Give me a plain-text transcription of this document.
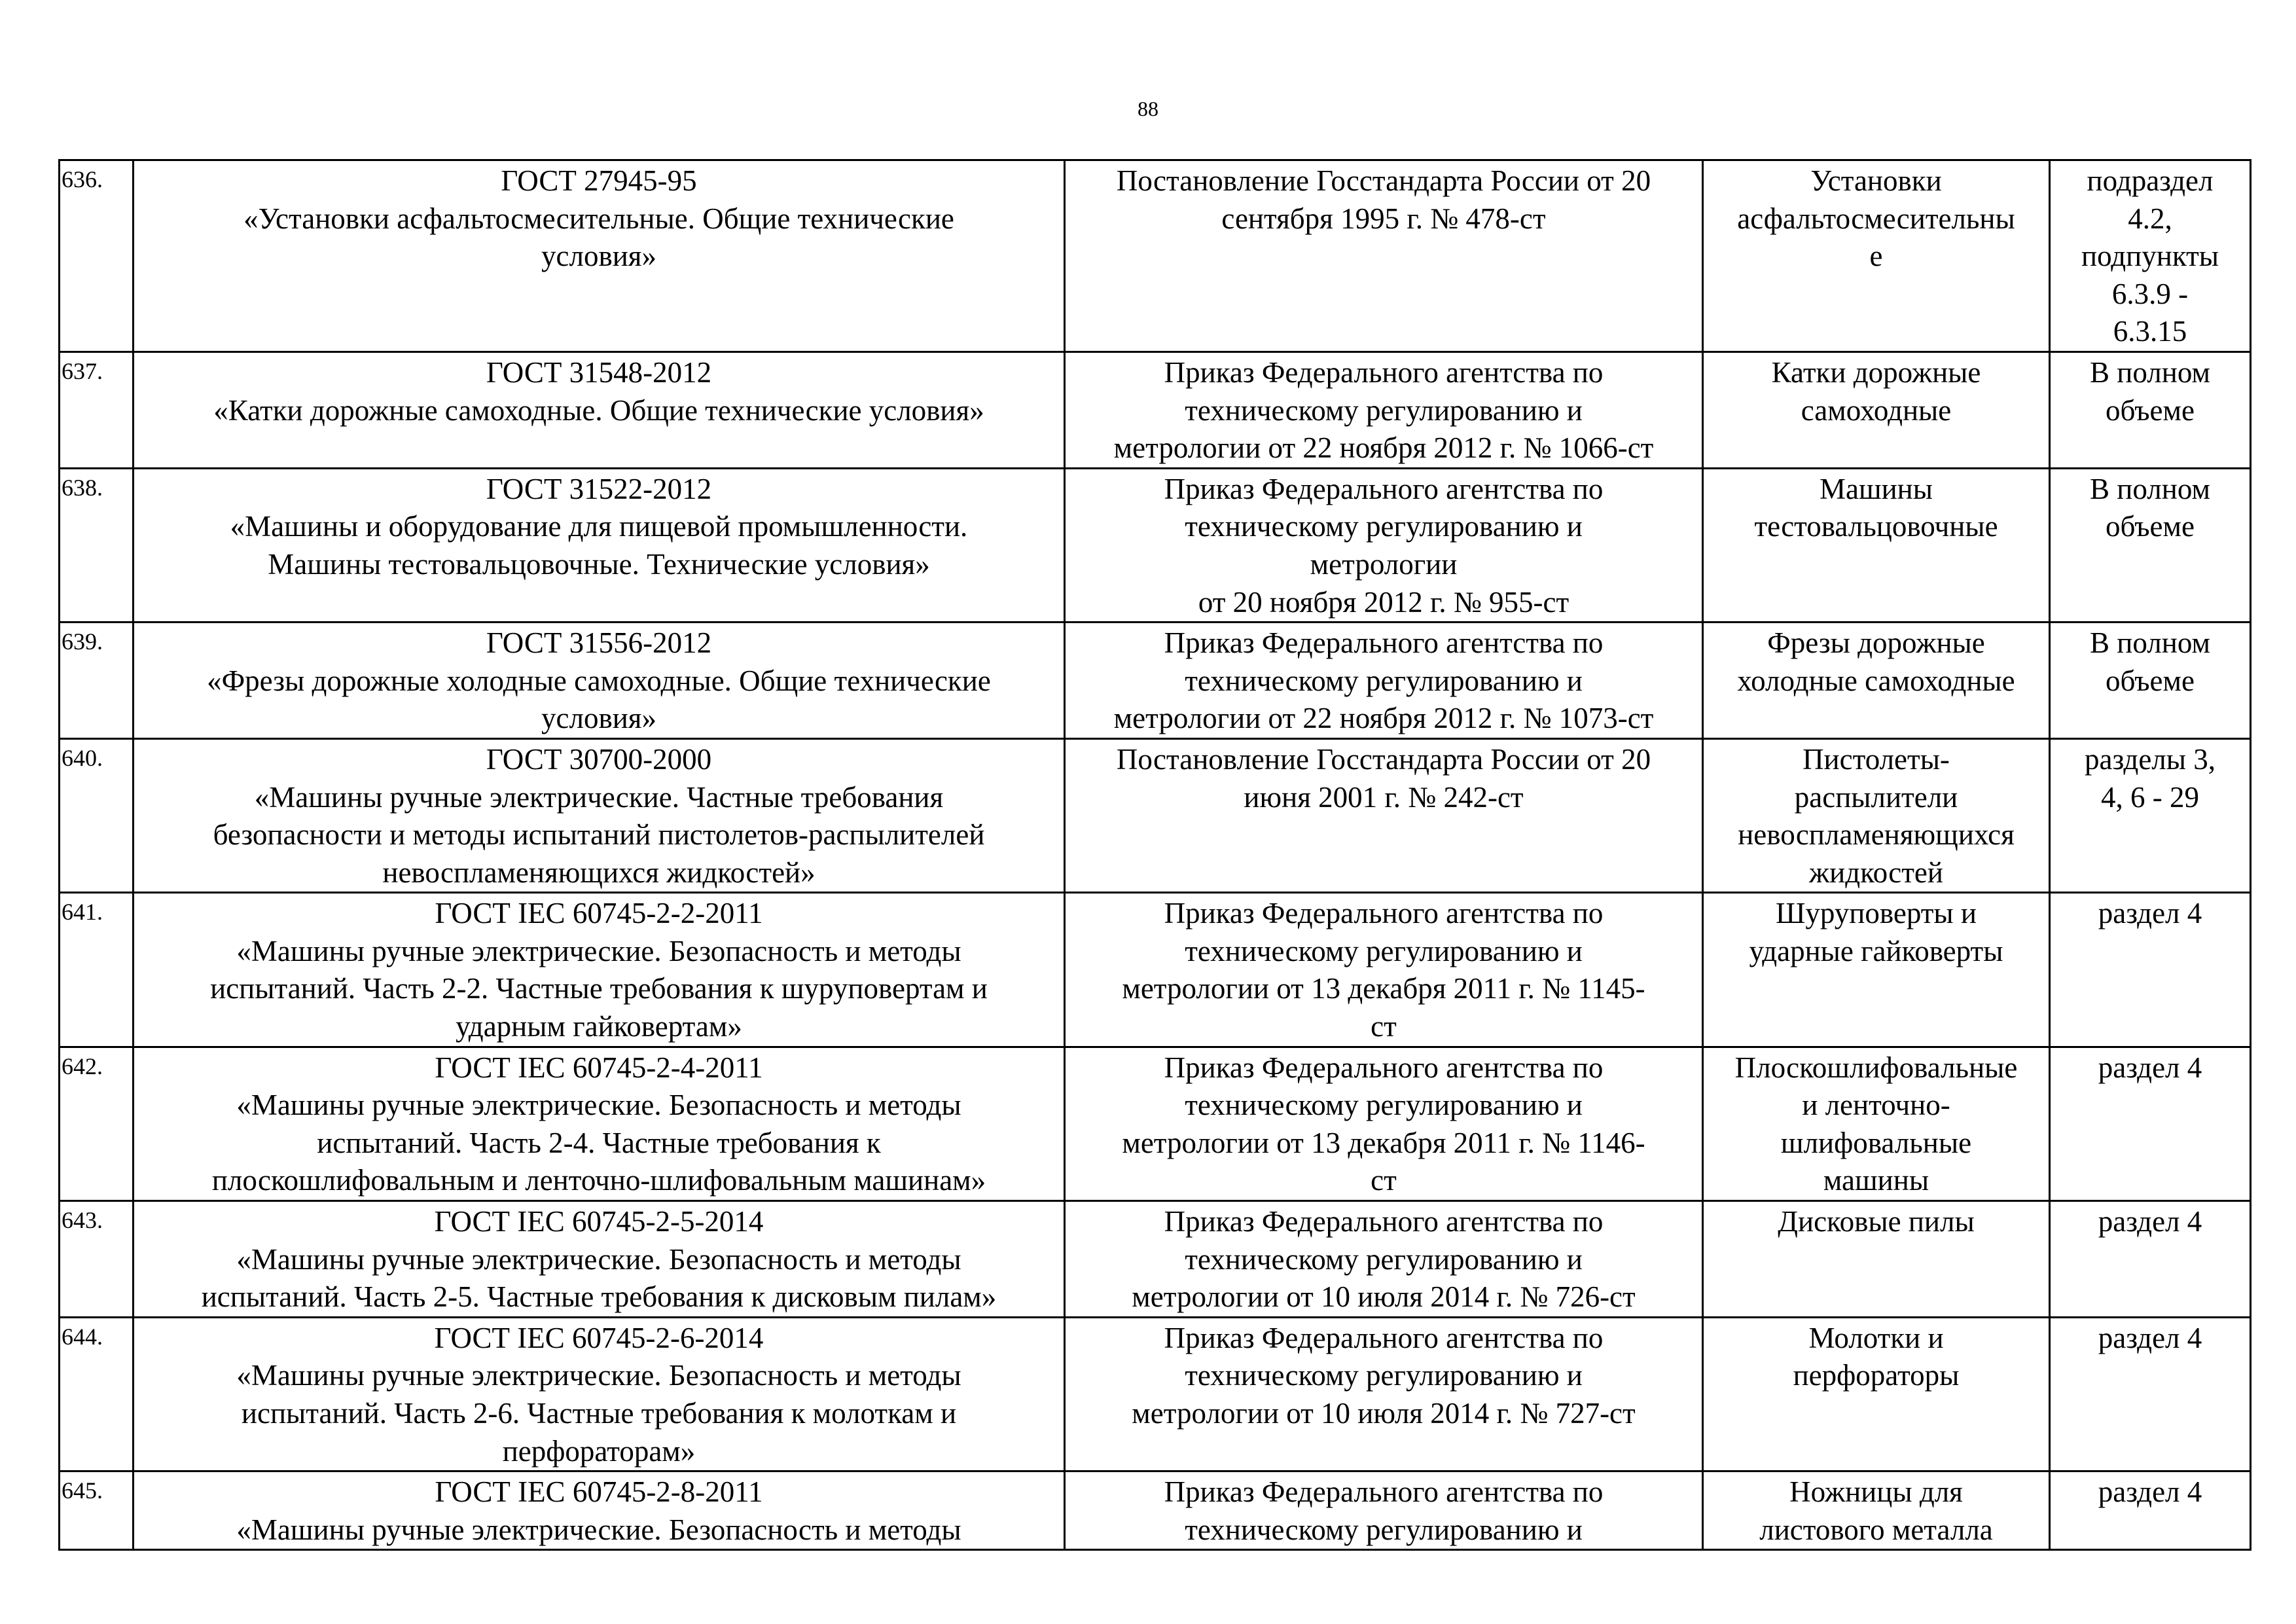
88
636.	ГОСТ 27945-95
«Установки асфальтосмесительные. Общие технические
условия»	Постановление Госстандарта России от 20
сентября 1995 г. № 478-ст	Установки
асфальтосмесительны
е	подраздел
4.2,
подпункты
6.3.9 -
6.3.15

637.	ГОСТ 31548-2012
«Катки дорожные самоходные. Общие технические условия»	Приказ Федерального агентства по
техническому регулированию и
метрологии от 22 ноября 2012 г. № 1066-ст	Катки дорожные
самоходные	В полном
объеме

638.	ГОСТ 31522-2012
«Машины и оборудование для пищевой промышленности.
Машины тестовальцовочные. Технические условия»	Приказ Федерального агентства по
техническому регулированию и
метрологии
от 20 ноября 2012 г. № 955-ст	Машины
тестовальцовочные	В полном
объеме

639.	ГОСТ 31556-2012
«Фрезы дорожные холодные самоходные. Общие технические
условия»	Приказ Федерального агентства по
техническому регулированию и
метрологии от 22 ноября 2012 г. № 1073-ст	Фрезы дорожные
холодные самоходные	В полном
объеме

640.	ГОСТ 30700-2000
«Машины ручные электрические. Частные требования
безопасности и методы испытаний пистолетов-распылителей
невоспламеняющихся жидкостей»	Постановление Госстандарта России от 20
июня 2001 г. № 242-ст	Пистолеты-
распылители
невоспламеняющихся
жидкостей	разделы 3,
4, 6 - 29

641.	ГОСТ IEC 60745-2-2-2011
«Машины ручные электрические. Безопасность и методы
испытаний. Часть 2-2. Частные требования к шуруповертам и
ударным гайковертам»	Приказ Федерального агентства по
техническому регулированию и
метрологии от 13 декабря 2011 г. № 1145-
ст	Шуруповерты и
ударные гайковерты	раздел 4

642.	ГОСТ IEC 60745-2-4-2011
«Машины ручные электрические. Безопасность и методы
испытаний. Часть 2-4. Частные требования к
плоскошлифовальным и ленточно-шлифовальным машинам»	Приказ Федерального агентства по
техническому регулированию и
метрологии от 13 декабря 2011 г. № 1146-
ст	Плоскошлифовальные
и ленточно-
шлифовальные
машины	раздел 4

643.	ГОСТ IEC 60745-2-5-2014
«Машины ручные электрические. Безопасность и методы
испытаний. Часть 2-5. Частные требования к дисковым пилам»	Приказ Федерального агентства по
техническому регулированию и
метрологии от 10 июля 2014 г. № 726-ст	Дисковые пилы	раздел 4

644.	ГОСТ IEC 60745-2-6-2014
«Машины ручные электрические. Безопасность и методы
испытаний. Часть 2-6. Частные требования к молоткам и
перфораторам»	Приказ Федерального агентства по
техническому регулированию и
метрологии от 10 июля 2014 г. № 727-ст	Молотки и
перфораторы	раздел 4

645.	ГОСТ IEC 60745-2-8-2011
«Машины ручные электрические. Безопасность и методы	Приказ Федерального агентства по
техническому регулированию и	Ножницы для
листового металла	раздел 4
